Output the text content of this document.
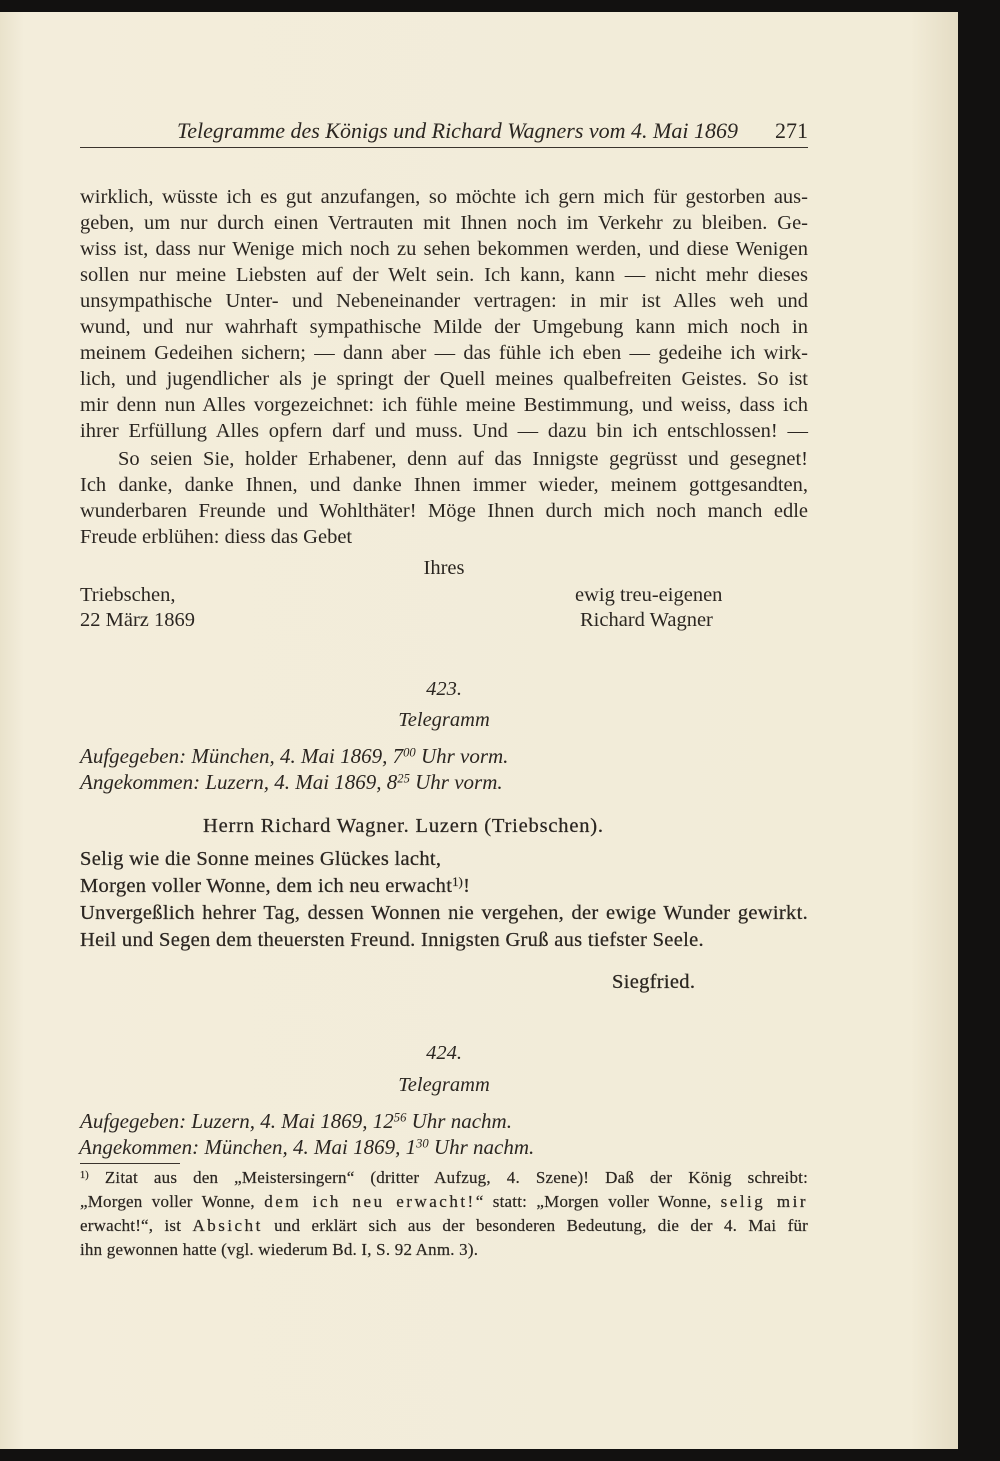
Telegramme des Königs und Richard Wagners vom 4. Mai 1869	271
wirklich, wüsste ich es gut anzufangen, so möchte ich gern mich für gestorben aus-
geben, um nur durch einen Vertrauten mit Ihnen noch im Verkehr zu bleiben. Ge-
wiss ist, dass nur Wenige mich noch zu sehen bekommen werden, und diese Wenigen
sollen nur meine Liebsten auf der Welt sein. Ich kann, kann — nicht mehr dieses
unsympathische Unter- und Nebeneinander vertragen: in mir ist Alles weh und
wund, und nur wahrhaft sympathische Milde der Umgebung kann mich noch in
meinem Gedeihen sichern; — dann aber — das fühle ich eben — gedeihe ich wirk-
lich, und jugendlicher als je springt der Quell meines qualbefreiten Geistes. So ist
mir denn nun Alles vorgezeichnet: ich fühle meine Bestimmung, und weiss, dass ich
ihrer Erfüllung Alles opfern darf und muss. Und — dazu bin ich entschlossen! —
So seien Sie, holder Erhabener, denn auf das Innigste gegrüsst und gesegnet!
Ich danke, danke Ihnen, und danke Ihnen immer wieder, meinem gottgesandten,
wunderbaren Freunde und Wohlthäter! Möge Ihnen durch mich noch manch edle
Freude erblühen: diess das Gebet
Ihres
Triebschen,	ewig treu-eigenen
22 März 1869	Richard Wagner
423.
Telegramm
Aufgegeben: München, 4. Mai 1869, $7^{00}$ Uhr vorm.
Angekommen: Luzern, 4. Mai 1869, $8^{25}$ Uhr vorm.
Herrn Richard Wagner. Luzern (Triebschen).
Selig wie die Sonne meines Glückes lacht,
Morgen voller Wonne, dem ich neu erwacht$^{1)}$!
Unvergeßlich hehrer Tag, dessen Wonnen nie vergehen, der ewige Wunder gewirkt.
Heil und Segen dem theuersten Freund. Innigsten Gruß aus tiefster Seele.
Siegfried.
424.
Telegramm
Aufgegeben: Luzern, 4. Mai 1869, $12^{56}$ Uhr nachm.
Angekommen: München, 4. Mai 1869, $1^{30}$ Uhr nachm.
$^{1)}$ Zitat aus den „Meistersingern“ (dritter Aufzug, 4. Szene)! Daß der König schreibt:
„Morgen voller Wonne, dem ich neu erwacht!“ statt: „Morgen voller Wonne, selig mir
erwacht!“, ist Absicht und erklärt sich aus der besonderen Bedeutung, die der 4. Mai für
ihn gewonnen hatte (vgl. wiederum Bd. I, S. 92 Anm. 3).
